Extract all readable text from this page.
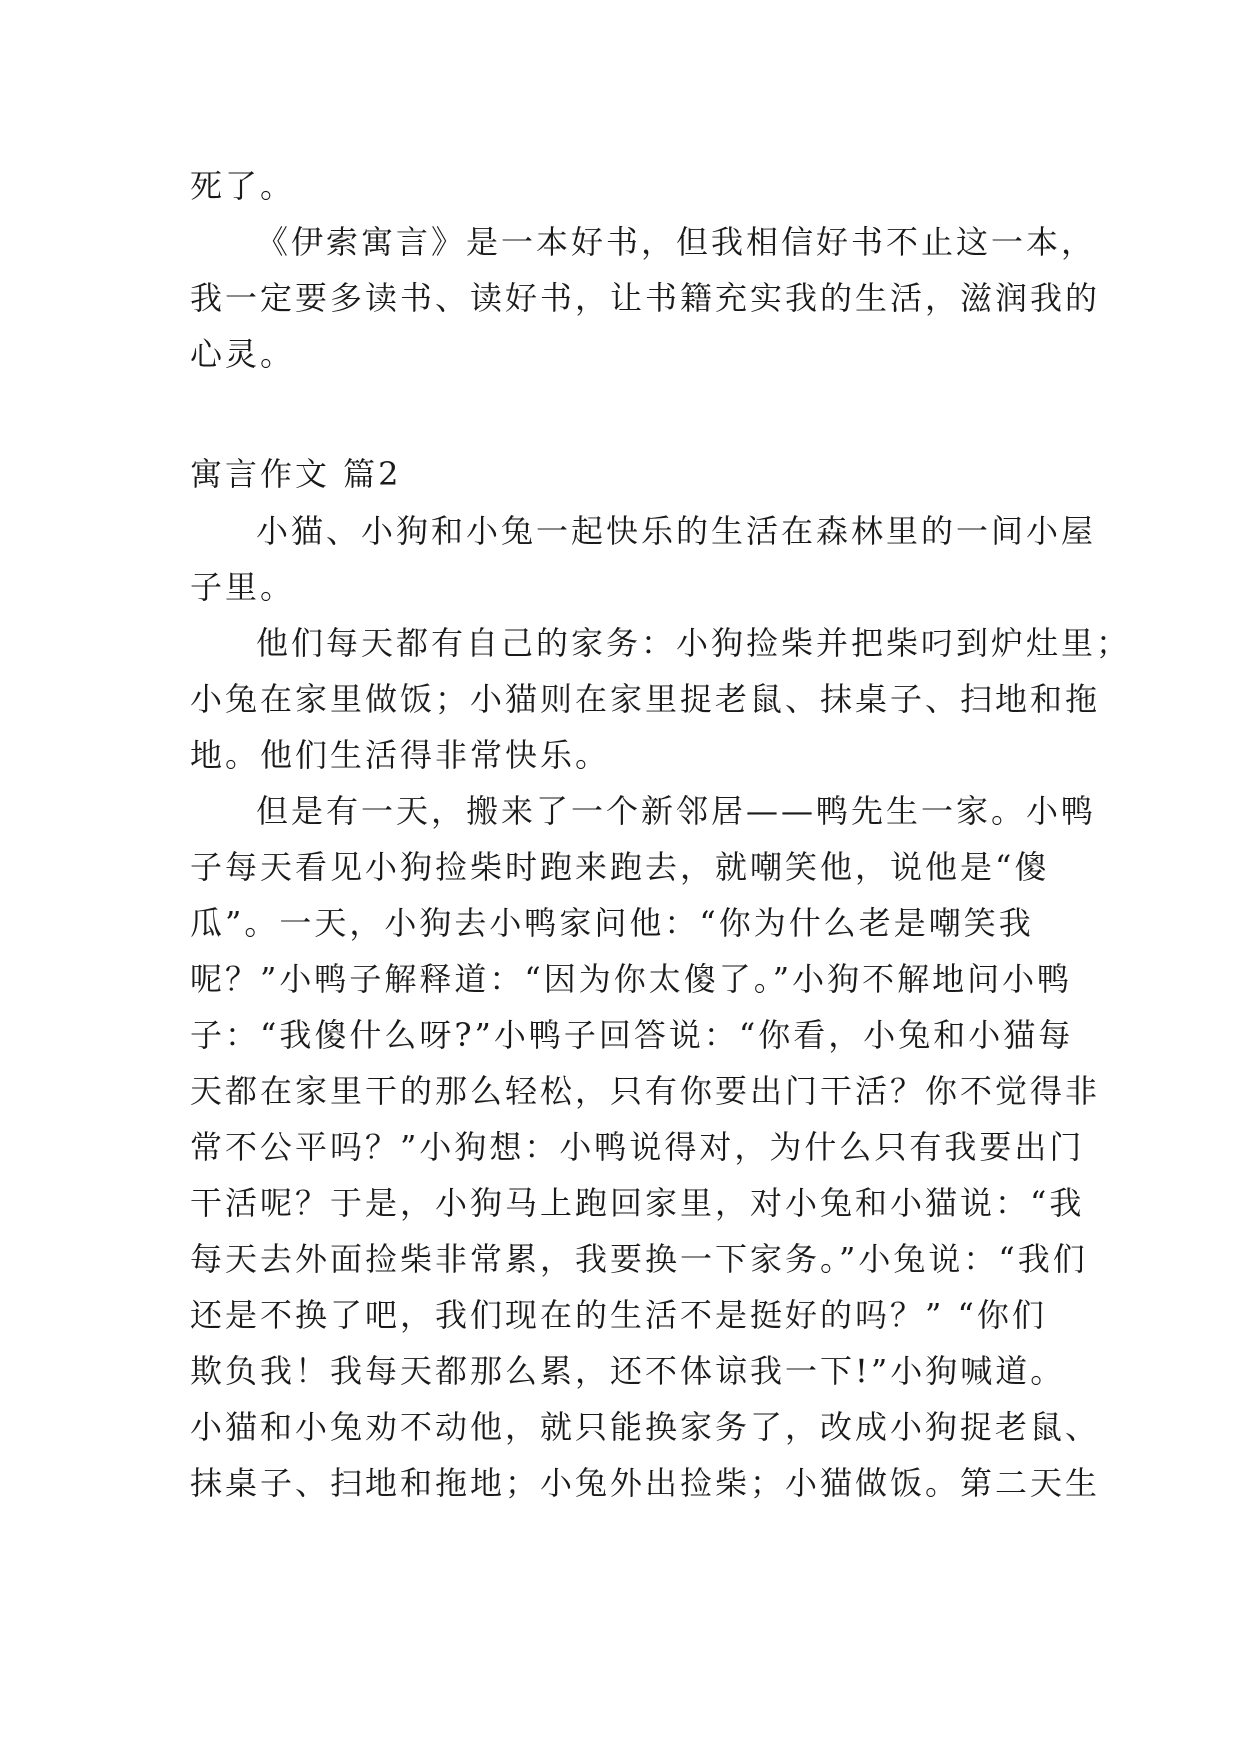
死了。
《伊索寓言》是一本好书，但我相信好书不止这一本，
我一定要多读书、读好书，让书籍充实我的生活，滋润我的
心灵。
寓言作文 篇2
小猫、小狗和小兔一起快乐的生活在森林里的一间小屋
子里。
他们每天都有自己的家务：小狗捡柴并把柴叼到炉灶里；
小兔在家里做饭；小猫则在家里捉老鼠、抹桌子、扫地和拖
地。他们生活得非常快乐。
但是有一天，搬来了一个新邻居——鸭先生一家。小鸭
子每天看见小狗捡柴时跑来跑去，就嘲笑他，说他是“傻
瓜”。一天，小狗去小鸭家问他：“你为什么老是嘲笑我
呢？”小鸭子解释道：“因为你太傻了。”小狗不解地问小鸭
子：“我傻什么呀?”小鸭子回答说：“你看，小兔和小猫每
天都在家里干的那么轻松，只有你要出门干活？你不觉得非
常不公平吗？”小狗想：小鸭说得对，为什么只有我要出门
干活呢？于是，小狗马上跑回家里，对小兔和小猫说：“我
每天去外面捡柴非常累，我要换一下家务。”小兔说：“我们
还是不换了吧，我们现在的生活不是挺好的吗？” “你们
欺负我！我每天都那么累，还不体谅我一下!”小狗喊道。
小猫和小兔劝不动他，就只能换家务了，改成小狗捉老鼠、
抹桌子、扫地和拖地；小兔外出捡柴；小猫做饭。第二天生
